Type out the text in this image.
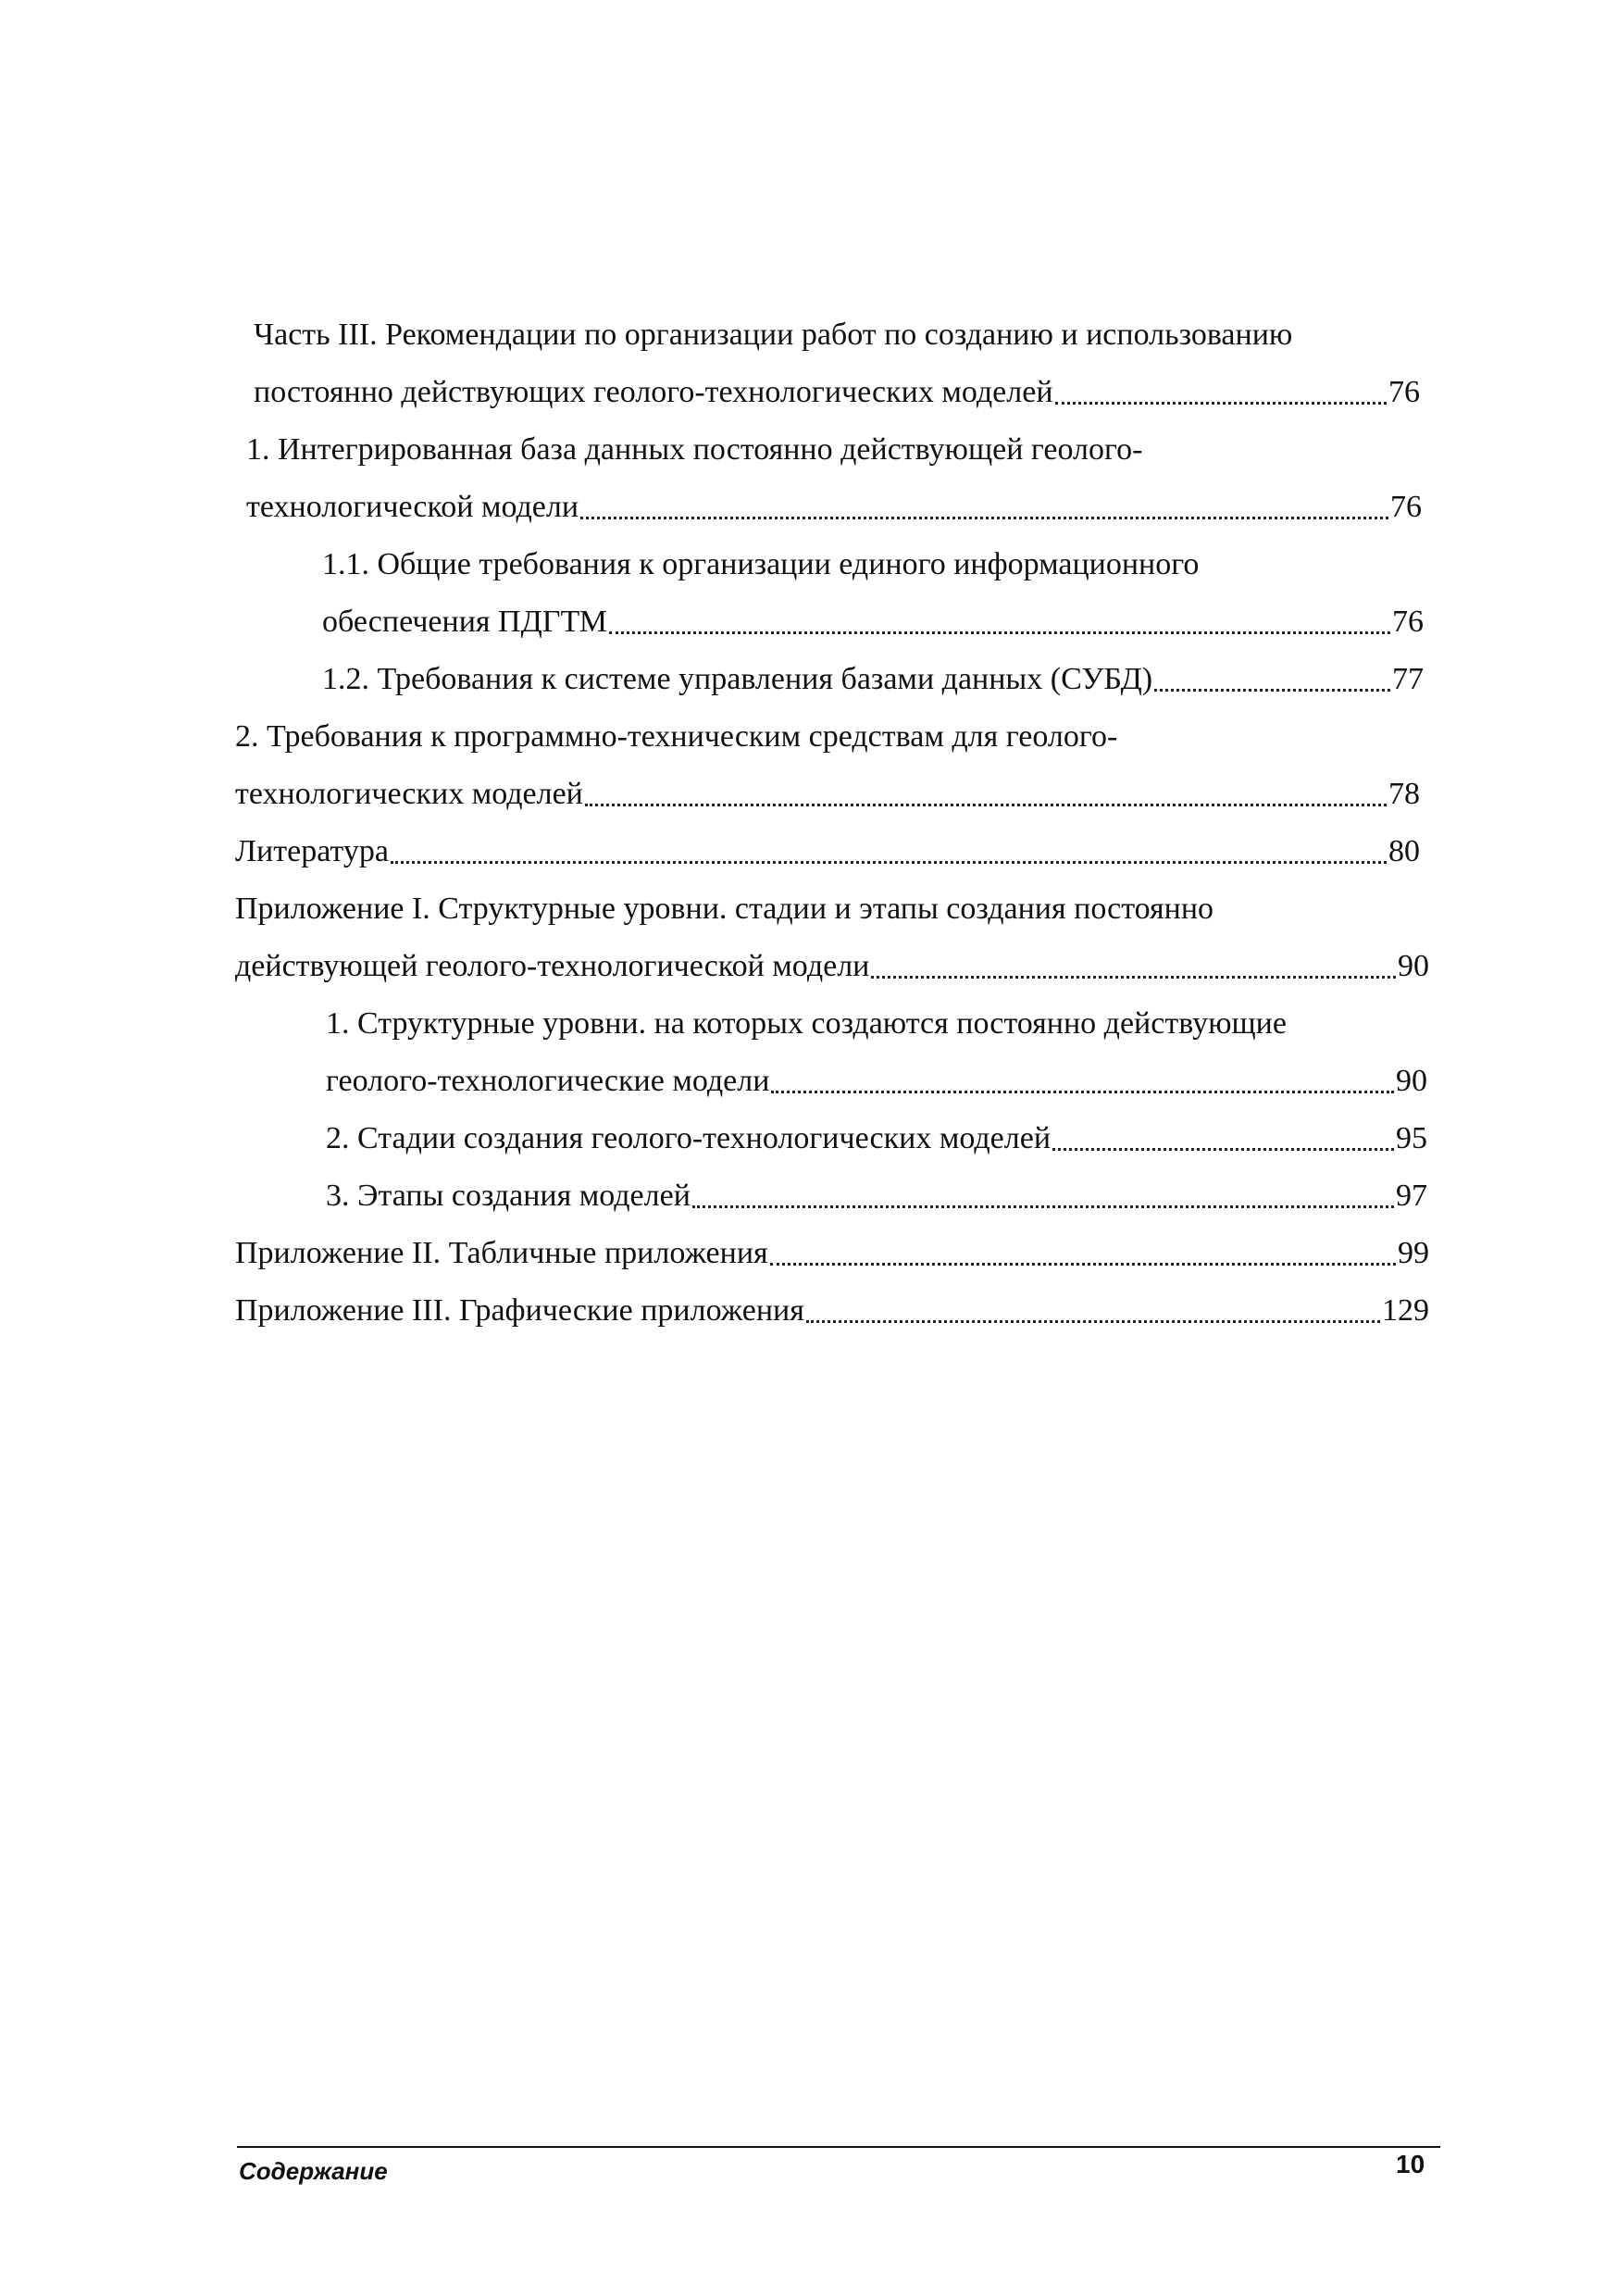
Часть III. Рекомендации по организации работ по созданию и использованию
постоянно действующих геолого-технологических моделей	76
1. Интегрированная база данных постоянно действующей геолого-
технологической модели	76
1.1. Общие требования к организации единого информационного
обеспечения ПДГТМ	76
1.2. Требования к системе управления базами данных (СУБД)	77
2. Требования к программно-техническим средствам для геолого-
технологических моделей	78
Литература	80
Приложение I. Структурные уровни. стадии и этапы создания постоянно
действующей геолого-технологической модели	90
1. Структурные уровни. на которых создаются постоянно действующие
геолого-технологические модели	90
2. Стадии создания геолого-технологических моделей	95
3. Этапы создания моделей	97
Приложение II. Табличные приложения	99
Приложение III. Графические приложения	129
Содержание	10
